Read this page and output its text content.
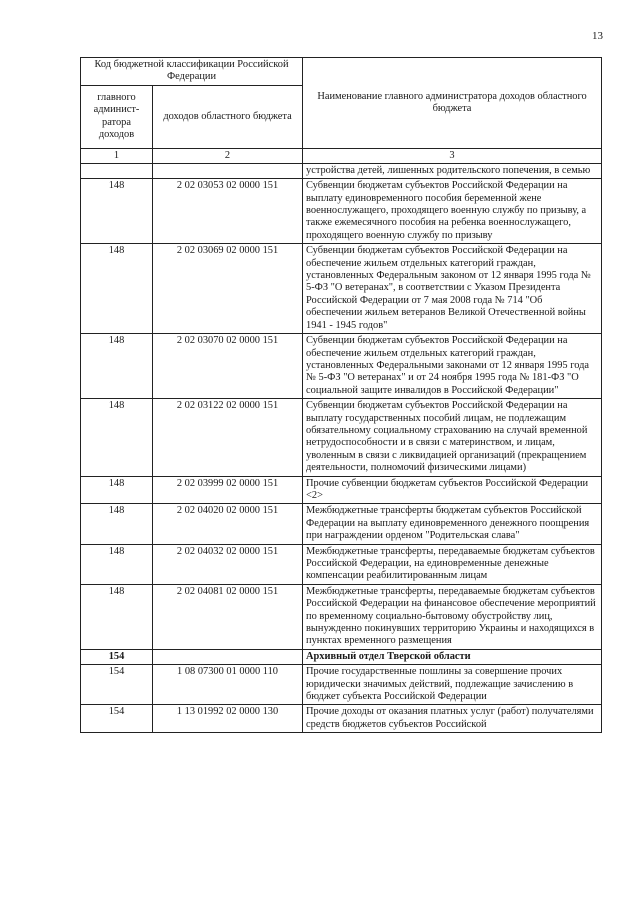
13
Код бюджетной классификации Российской Федерации		Наименование главного администратора доходов областного бюджета
главного админист-ратора доходов	доходов областного бюджета	
1	2	3
		устройства детей, лишенных родительского попечения, в семью
148	2 02 03053 02 0000 151	Субвенции бюджетам субъектов Российской Федерации на выплату единовременного пособия беременной жене военнослужащего, проходящего военную службу по призыву, а также ежемесячного пособия на ребенка военнослужащего, проходящего военную службу по призыву
148	2 02 03069 02 0000 151	Субвенции бюджетам субъектов Российской Федерации на обеспечение жильем отдельных категорий граждан, установленных Федеральным законом от 12 января 1995 года № 5-ФЗ "О ветеранах", в соответствии с Указом Президента Российской Федерации от 7 мая 2008 года № 714 "Об обеспечении жильем ветеранов Великой Отечественной войны 1941 - 1945 годов"
148	2 02 03070 02 0000 151	Субвенции бюджетам субъектов Российской Федерации на обеспечение жильем отдельных категорий граждан, установленных Федеральными законами от 12 января 1995 года № 5-ФЗ "О ветеранах" и от 24 ноября 1995 года № 181-ФЗ "О социальной защите инвалидов в Российской Федерации"
148	2 02 03122 02 0000 151	Субвенции бюджетам субъектов Российской Федерации на выплату государственных пособий лицам, не подлежащим обязательному социальному страхованию на случай временной нетрудоспособности и в связи с материнством, и лицам, уволенным в связи с ликвидацией организаций (прекращением деятельности, полномочий физическими лицами)
148	2 02 03999 02 0000 151	Прочие субвенции бюджетам субъектов Российской Федерации <2>
148	2 02 04020 02 0000 151	Межбюджетные трансферты бюджетам субъектов Российской Федерации на выплату единовременного денежного поощрения при награждении орденом "Родительская слава"
148	2 02 04032 02 0000 151	Межбюджетные трансферты, передаваемые бюджетам субъектов Российской Федерации, на единовременные денежные компенсации реабилитированным лицам
148	2 02 04081 02 0000 151	Межбюджетные трансферты, передаваемые бюджетам субъектов Российской Федерации на финансовое обеспечение мероприятий по временному социально-бытовому обустройству лиц, вынужденно покинувших территорию Украины и находящихся в пунктах временного размещения
154		Архивный отдел Тверской области
154	1 08 07300 01 0000 110	Прочие государственные пошлины за совершение прочих юридически значимых действий, подлежащие зачислению в бюджет субъекта Российской Федерации
154	1 13 01992 02 0000 130	Прочие доходы от оказания платных услуг (работ) получателями средств бюджетов субъектов Российской
